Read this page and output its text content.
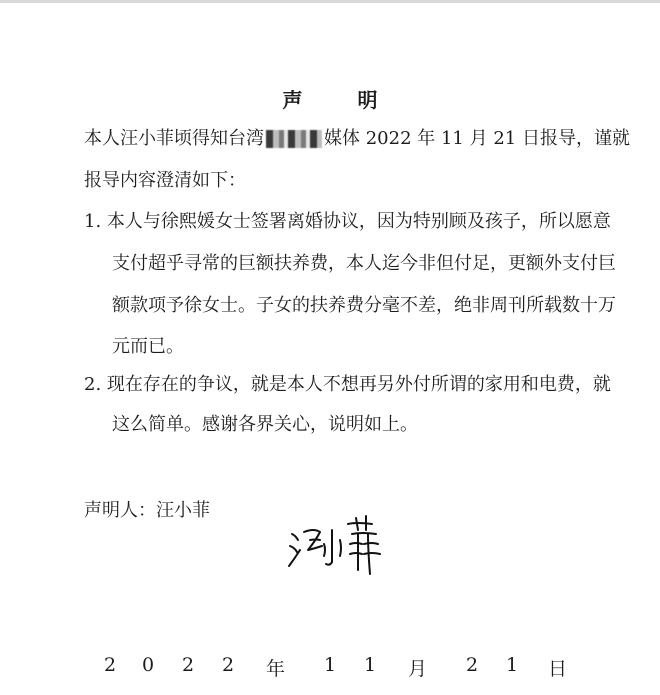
声 明
本人汪小菲顷得知台湾	媒体 2022 年 11 月 21 日报导，谨就
报导内容澄清如下：
1. 本人与徐熙媛女士签署离婚协议，因为特别顾及孩子，所以愿意
支付超乎寻常的巨额扶养费，本人迄今非但付足，更额外支付巨
额款项予徐女士。子女的扶养费分毫不差，绝非周刊所载数十万
元而已。
2. 现在存在的争议，就是本人不想再另外付所谓的家用和电费，就
这么简单。感谢各界关心，说明如上。
声明人：汪小菲
2 0 2 2 年 1 1 月 2 1 日
